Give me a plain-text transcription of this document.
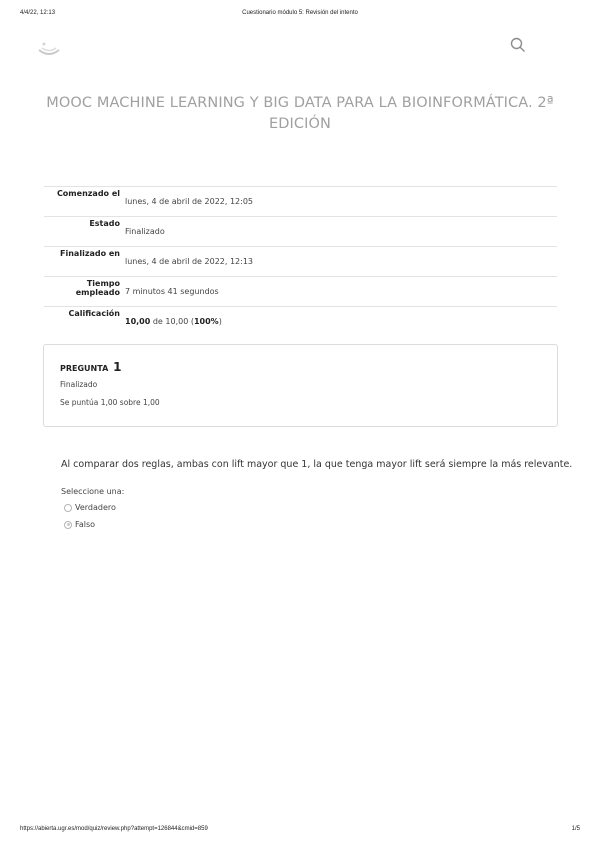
4/4/22, 12:13	Cuestionario módulo 5: Revisión del intento
MOOC MACHINE LEARNING Y BIG DATA PARA LA BIOINFORMÁTICA. 2ª
EDICIÓN
Comenzado el	lunes, 4 de abril de 2022, 12:05
Estado	Finalizado
Finalizado en	lunes, 4 de abril de 2022, 12:13
Tiempo empleado	7 minutos 41 segundos
Calificación	10,00 de 10,00 (100%)
PREGUNTA 1
Finalizado
Se puntúa 1,00 sobre 1,00
Al comparar dos reglas, ambas con lift mayor que 1, la que tenga mayor lift será siempre la más relevante.
Seleccione una:
Verdadero
Falso
https://abierta.ugr.es/mod/quiz/review.php?attempt=126844&cmid=859	1/5
